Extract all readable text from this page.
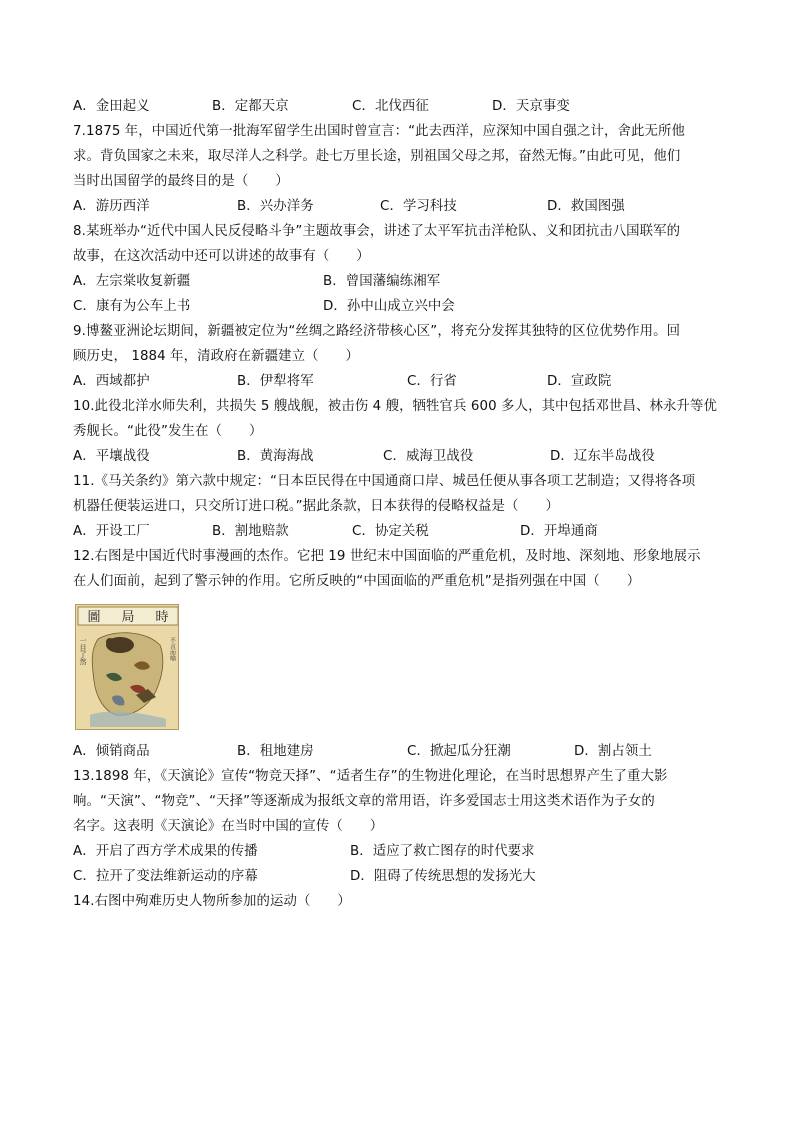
A．金田起义	B．定都天京	C．北伐西征	D．天京事变
7.1875 年，中国近代第一批海军留学生出国时曾宣言：“此去西洋，应深知中国自强之计，舍此无所他
求。背负国家之未来，取尽洋人之科学。赴七万里长途，别祖国父母之邦，奋然无悔。”由此可见，他们
当时出国留学的最终目的是（　　）
A．游历西洋	B．兴办洋务	C．学习科技	D．救国图强
8.某班举办“近代中国人民反侵略斗争”主题故事会，讲述了太平军抗击洋枪队、义和团抗击八国联军的
故事，在这次活动中还可以讲述的故事有（　　）
A．左宗棠收复新疆	B．曾国藩编练湘军
C．康有为公车上书	D．孙中山成立兴中会
9.博鳌亚洲论坛期间，新疆被定位为“丝绸之路经济带核心区”，将充分发挥其独特的区位优势作用。回
顾历史， 1884 年，清政府在新疆建立（　　）
A．西域都护	B．伊犁将军	C．行省	D．宣政院
10.此役北洋水师失利，共损失 5 艘战舰，被击伤 4 艘，牺牲官兵 600 多人，其中包括邓世昌、林永升等优
秀舰长。“此役”发生在（　　）
A．平壤战役	B．黄海海战	C．威海卫战役	D．辽东半岛战役
11.《马关条约》第六款中规定：“日本臣民得在中国通商口岸、城邑任便从事各项工艺制造；又得将各项
机器任便装运进口，只交所订进口税。”据此条款，日本获得的侵略权益是（　　）
A．开设工厂	B．割地赔款	C．协定关税	D．开埠通商
12.右图是中国近代时事漫画的杰作。它把 19 世纪末中国面临的严重危机，及时地、深刻地、形象地展示
在人们面前，起到了警示钟的作用。它所反映的“中国面临的严重危机”是指列强在中国（　　）
圖 局 時
一目了然	不言而喻
A．倾销商品	B．租地建房	C．掀起瓜分狂潮	D．割占领土
13.1898 年，《天演论》宣传“物竞天择”、“适者生存”的生物进化理论，在当时思想界产生了重大影
响。“天演”、“物竞”、“天择”等逐渐成为报纸文章的常用语，许多爱国志士用这类术语作为子女的
名字。这表明《天演论》在当时中国的宣传（　　）
A．开启了西方学术成果的传播	B．适应了救亡图存的时代要求
C．拉开了变法维新运动的序幕	D．阻碍了传统思想的发扬光大
14.右图中殉难历史人物所参加的运动（　　）
